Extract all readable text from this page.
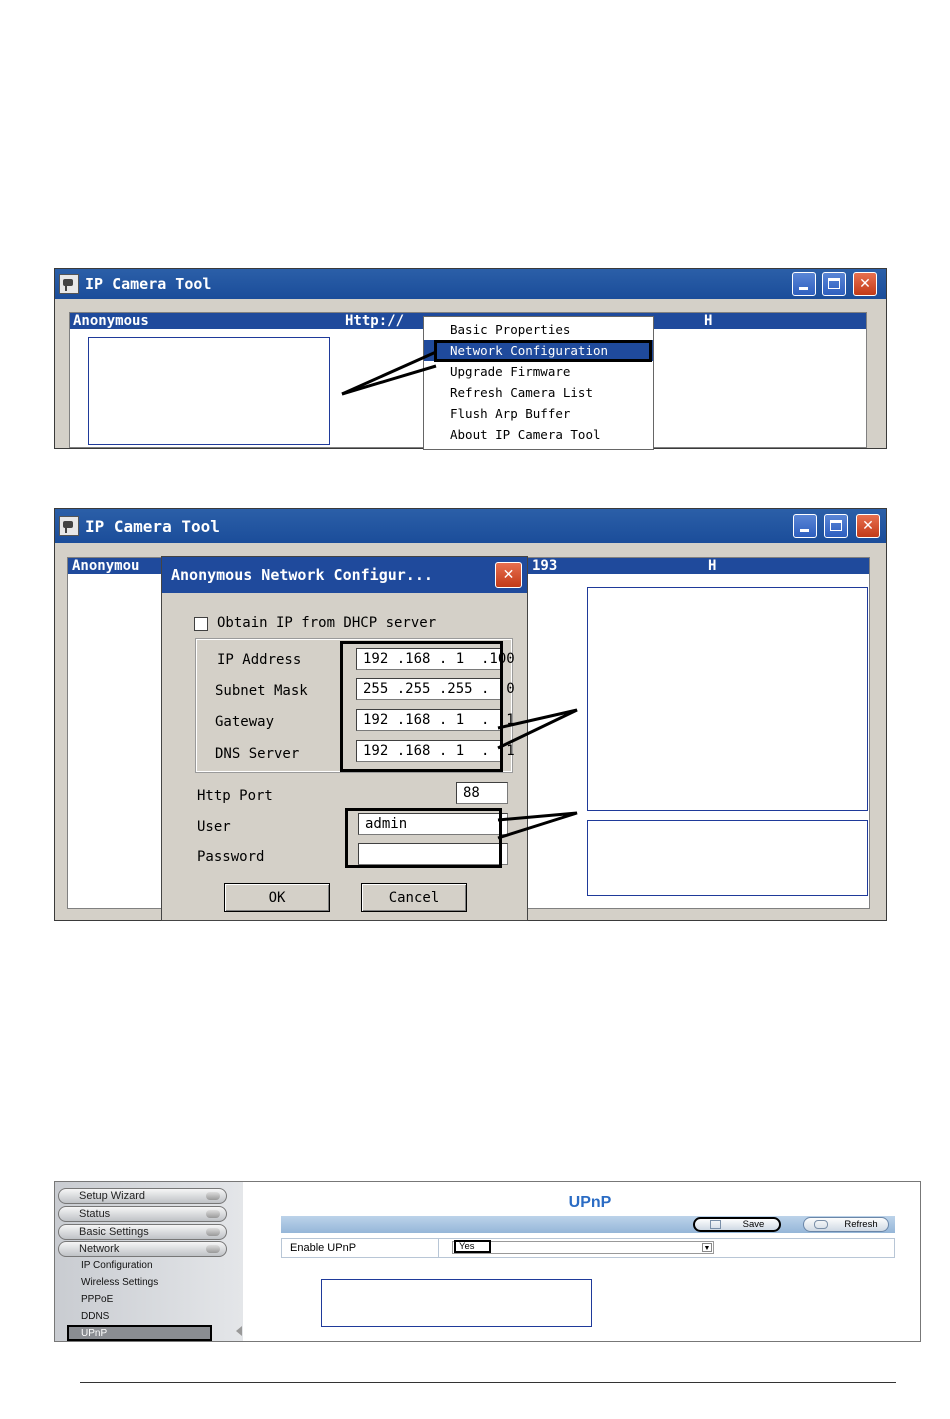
IP Camera Tool	✕
Anonymous	Http://	H
Basic Properties
Network Configuration
Upgrade Firmware
Refresh Camera List
Flush Arp Buffer
About IP Camera Tool
IP Camera Tool	✕
Anonymou	193	H
Anonymous Network Configur...	✕
Obtain IP from DHCP server
IP Address	192 .168 . 1  .100
Subnet Mask	255 .255 .255 .  0
Gateway	192 .168 . 1  .  1
DNS Server	192 .168 . 1  .  1
Http Port	88
User	admin
Password
OK	Cancel
Setup Wizard
Status
Basic Settings
Network
IP Configuration
Wireless Settings
PPPoE
DDNS
UPnP
UPnP
Save	Refresh
Enable UPnP	Yes	▼
